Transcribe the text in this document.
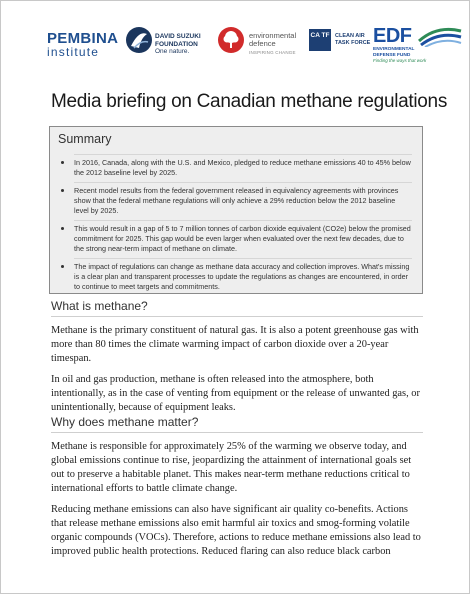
PEMBINA
institute
DAVID SUZUKI
FOUNDATION
One nature.
environmental
defence
INSPIRING CHANGE
CA TF CLEAN AIR
TASK FORCE EDF
ENVIRONMENTAL
DEFENSE FUND
Finding the ways that work
Media briefing on Canadian methane regulations
Summary
In 2016, Canada, along with the U.S. and Mexico, pledged to reduce methane emissions 40 to 45% below the 2012 baseline level by 2025.
Recent model results from the federal government released in equivalency agreements with provinces show that the federal methane regulations will only achieve a 29% reduction below the 2012 baseline level by 2025.
This would result in a gap of 5 to 7 million tonnes of carbon dioxide equivalent (CO2e) below the promised commitment for 2025. This gap would be even larger when evaluated over the next few decades, due to the strong near-term impact of methane on climate.
The impact of regulations can change as methane data accuracy and collection improves. What's missing is a clear plan and transparent processes to update the regulations as changes are encountered, in order to continue to meet targets and commitments.
What is methane?

Methane is the primary constituent of natural gas. It is also a potent greenhouse gas with more than 80 times the climate warming impact of carbon dioxide over a 20-year timespan.

In oil and gas production, methane is often released into the atmosphere, both intentionally, as in the case of venting from equipment or the release of unwanted gas, or unintentionally, because of equipment leaks.

Why does methane matter?

Methane is responsible for approximately 25% of the warming we observe today, and global emissions continue to rise, jeopardizing the attainment of international goals set out to preserve a habitable planet. This makes near-term methane reductions critical to international efforts to battle climate change.

Reducing methane emissions can also have significant air quality co-benefits. Actions that release methane emissions also emit harmful air toxics and smog-forming volatile organic compounds (VOCs). Therefore, actions to reduce methane emissions also lead to improved public health protections. Reduced flaring can also reduce black carbon
